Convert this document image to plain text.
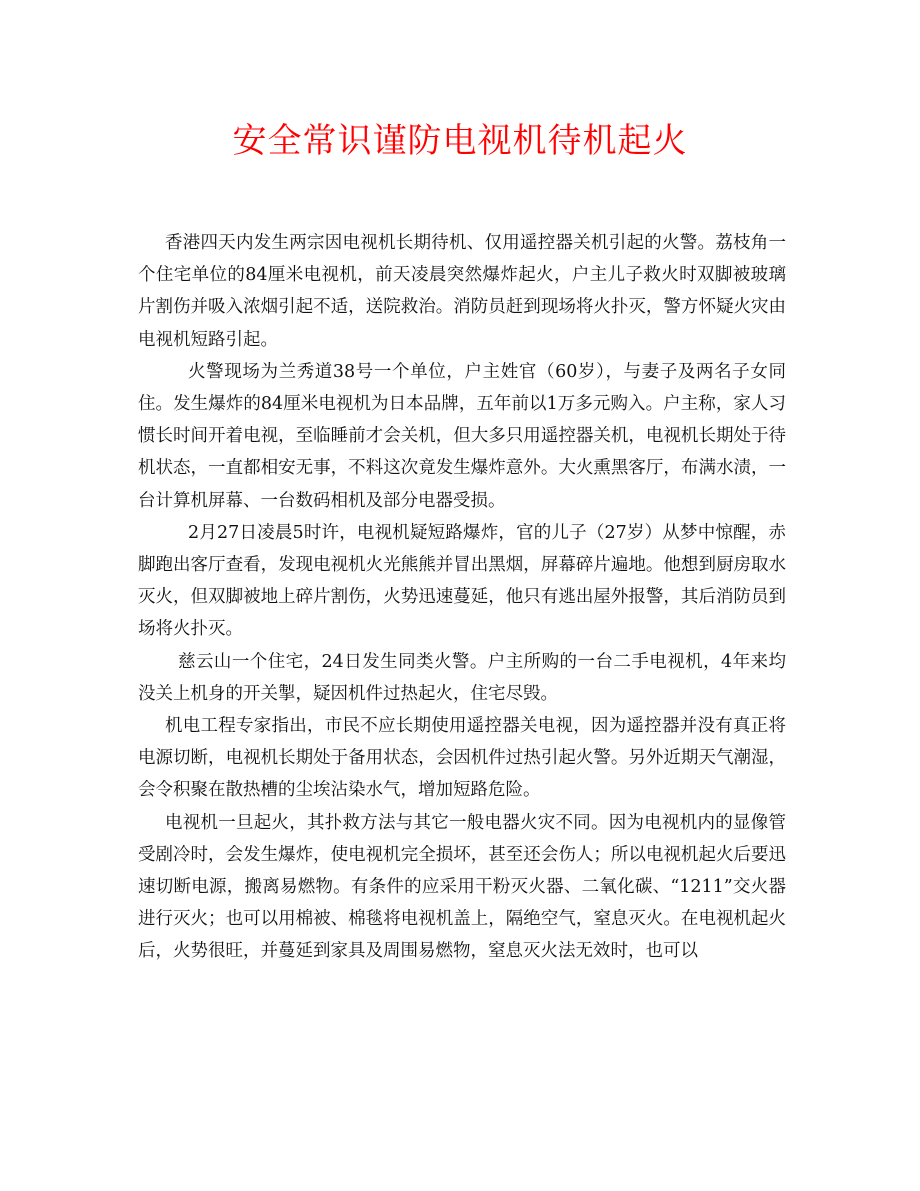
安全常识谨防电视机待机起火

香港四天内发生两宗因电视机长期待机、仅用遥控器关机引起的火警。荔枝角一个住宅单位的84厘米电视机，前天凌晨突然爆炸起火，户主儿子救火时双脚被玻璃片割伤并吸入浓烟引起不适，送院救治。消防员赶到现场将火扑灭，警方怀疑火灾由电视机短路引起。

火警现场为兰秀道38号一个单位，户主姓官（60岁），与妻子及两名子女同住。发生爆炸的84厘米电视机为日本品牌，五年前以1万多元购入。户主称，家人习惯长时间开着电视，至临睡前才会关机，但大多只用遥控器关机，电视机长期处于待机状态，一直都相安无事，不料这次竟发生爆炸意外。大火熏黑客厅，布满水渍，一台计算机屏幕、一台数码相机及部分电器受损。

2月27日凌晨5时许，电视机疑短路爆炸，官的儿子（27岁）从梦中惊醒，赤脚跑出客厅查看，发现电视机火光熊熊并冒出黑烟，屏幕碎片遍地。他想到厨房取水灭火，但双脚被地上碎片割伤，火势迅速蔓延，他只有逃出屋外报警，其后消防员到场将火扑灭。

慈云山一个住宅，24日发生同类火警。户主所购的一台二手电视机，4年来均没关上机身的开关掣，疑因机件过热起火，住宅尽毁。

机电工程专家指出，市民不应长期使用遥控器关电视，因为遥控器并没有真正将电源切断，电视机长期处于备用状态，会因机件过热引起火警。另外近期天气潮湿，会令积聚在散热槽的尘埃沾染水气，增加短路危险。

电视机一旦起火，其扑救方法与其它一般电器火灾不同。因为电视机内的显像管受剧冷时，会发生爆炸，使电视机完全损坏，甚至还会伤人；所以电视机起火后要迅速切断电源，搬离易燃物。有条件的应采用干粉灭火器、二氧化碳、“1211”交火器进行灭火；也可以用棉被、棉毯将电视机盖上，隔绝空气，窒息灭火。在电视机起火后，火势很旺，并蔓延到家具及周围易燃物，窒息灭火法无效时，也可以
